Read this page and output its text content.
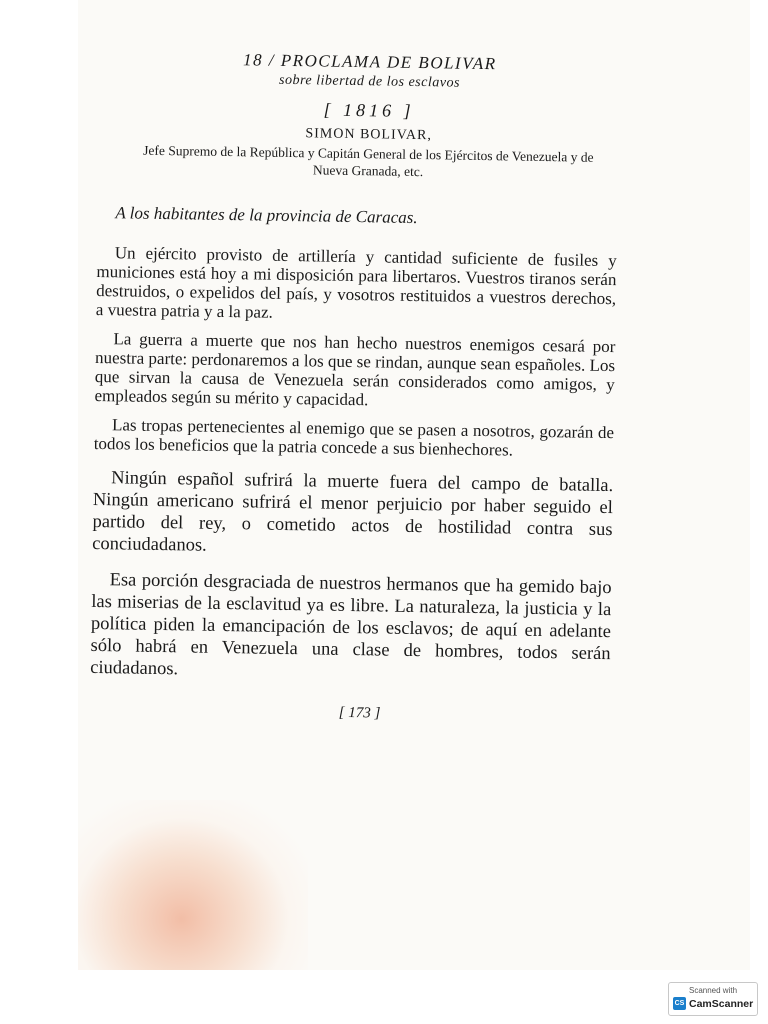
18 / PROCLAMA DE BOLIVAR
sobre libertad de los esclavos
[ 1816 ]
SIMON BOLIVAR,
Jefe Supremo de la República y Capitán General de los Ejércitos de Venezuela y de Nueva Granada, etc.
A los habitantes de la provincia de Caracas.

Un ejército provisto de artillería y cantidad suficiente de fusiles y municiones está hoy a mi disposición para libertaros. Vuestros tiranos serán destruidos, o expelidos del país, y vosotros restituidos a vuestros derechos, a vuestra patria y a la paz.

La guerra a muerte que nos han hecho nuestros enemigos cesará por nuestra parte: perdonaremos a los que se rindan, aunque sean españoles. Los que sirvan la causa de Venezuela serán considerados como amigos, y empleados según su mérito y capacidad.

Las tropas pertenecientes al enemigo que se pasen a nosotros, gozarán de todos los beneficios que la patria concede a sus bienhechores.

Ningún español sufrirá la muerte fuera del campo de batalla. Ningún americano sufrirá el menor perjuicio por haber seguido el partido del rey, o cometido actos de hostilidad contra sus conciudadanos.

Esa porción desgraciada de nuestros hermanos que ha gemido bajo las miserias de la esclavitud ya es libre. La naturaleza, la justicia y la política piden la emancipación de los esclavos; de aquí en adelante sólo habrá en Venezuela una clase de hombres, todos serán ciudadanos.

[ 173 ]
Scanned with
CS CamScanner
